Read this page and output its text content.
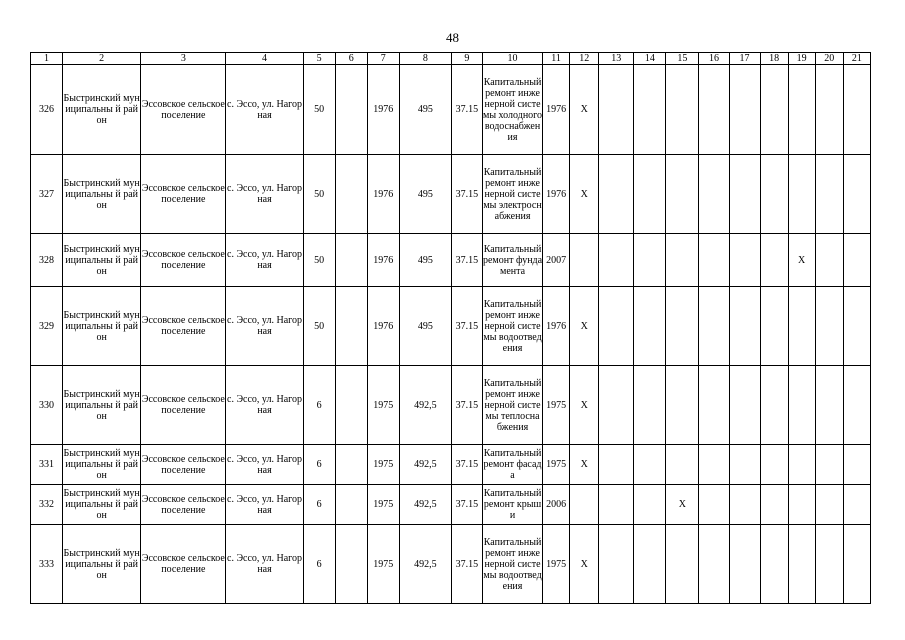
48
1	2	3	4	5	6	7	8	9	10	11	12	13	14	15	16	17	18	19	20	21
326	Быстринский муниципальны й район	Эссовское сельское поселение	с. Эссо, ул. Нагорная	50		1976	495	37.15	Капитальный ремонт инженерной системы холодного водоснабжения	1976	Х									
327	Быстринский муниципальны й район	Эссовское сельское поселение	с. Эссо, ул. Нагорная	50		1976	495	37.15	Капитальный ремонт инженерной системы электроснабжения	1976	Х									
328	Быстринский муниципальны й район	Эссовское сельское поселение	с. Эссо, ул. Нагорная	50		1976	495	37.15	Капитальный ремонт фундамента	2007								Х		
329	Быстринский муниципальны й район	Эссовское сельское поселение	с. Эссо, ул. Нагорная	50		1976	495	37.15	Капитальный ремонт инженерной системы водоотведения	1976	Х									
330	Быстринский муниципальны й район	Эссовское сельское поселение	с. Эссо, ул. Нагорная	6		1975	492,5	37.15	Капитальный ремонт инженерной системы теплоснабжения	1975	Х									
331	Быстринский муниципальны й район	Эссовское сельское поселение	с. Эссо, ул. Нагорная	6		1975	492,5	37.15	Капитальный ремонт фасада	1975	Х									
332	Быстринский муниципальны й район	Эссовское сельское поселение	с. Эссо, ул. Нагорная	6		1975	492,5	37.15	Капитальный ремонт крыши	2006				Х						
333	Быстринский муниципальны й район	Эссовское сельское поселение	с. Эссо, ул. Нагорная	6		1975	492,5	37.15	Капитальный ремонт инженерной системы водоотведения	1975	Х									
